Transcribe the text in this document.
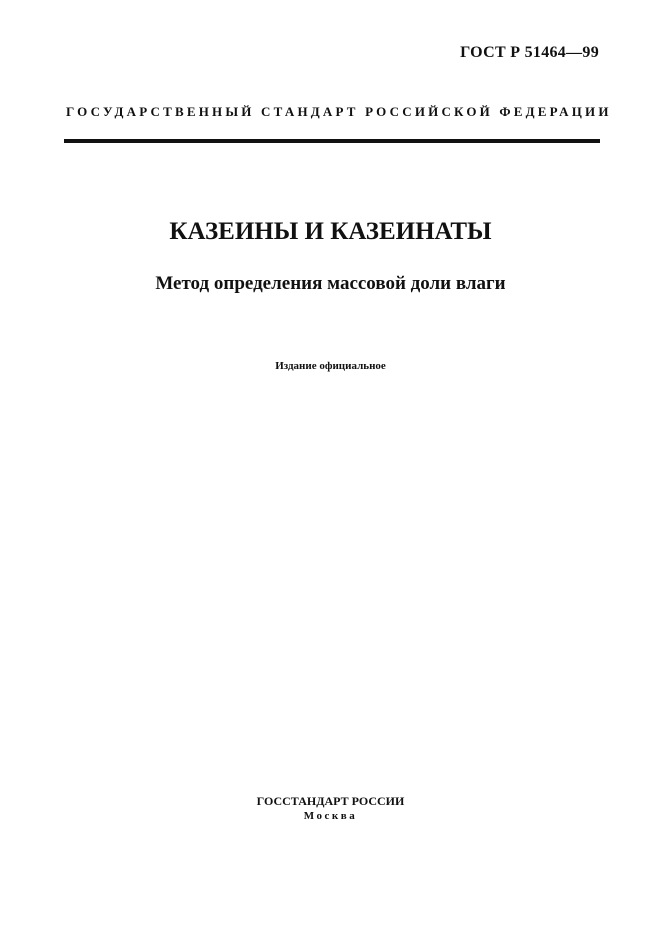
ГОСТ Р 51464—99
ГОСУДАРСТВЕННЫЙ СТАНДАРТ РОССИЙСКОЙ ФЕДЕРАЦИИ
КАЗЕИНЫ И КАЗЕИНАТЫ
Метод определения массовой доли влаги
Издание официальное
ГОССТАНДАРТ РОССИИ
Москва
